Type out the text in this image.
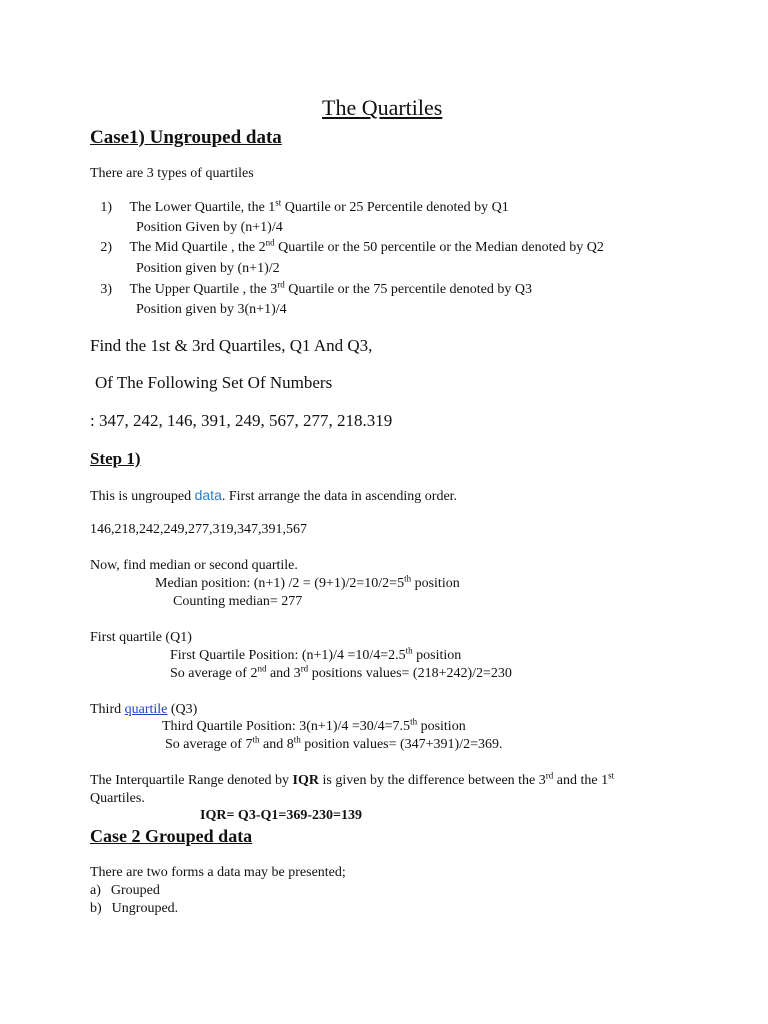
The Quartiles
Case1) Ungrouped data
There are 3 types of quartiles
1) The Lower Quartile, the 1st Quartile or 25 Percentile denoted by Q1
Position Given by (n+1)/4
2) The Mid Quartile , the 2nd Quartile or the 50 percentile or the Median denoted by Q2
Position given by (n+1)/2
3) The Upper Quartile , the 3rd Quartile or the 75 percentile denoted by Q3
Position given by 3(n+1)/4
Find the 1st & 3rd Quartiles, Q1 And Q3,
Of The Following Set Of Numbers
: 347, 242, 146, 391, 249, 567, 277, 218.319
Step 1)
This is ungrouped data. First arrange the data in ascending order.
146,218,242,249,277,319,347,391,567
Now, find median or second quartile.
Median position: (n+1) /2 = (9+1)/2=10/2=5th position
Counting median= 277
First quartile (Q1)
First Quartile Position: (n+1)/4 =10/4=2.5th position
So average of 2nd and 3rd positions values= (218+242)/2=230
Third quartile (Q3)
Third Quartile Position: 3(n+1)/4 =30/4=7.5th position
So average of 7th and 8th position values= (347+391)/2=369.
The Interquartile Range denoted by IQR is given by the difference between the 3rd and the 1st
Quartiles.
IQR= Q3-Q1=369-230=139
Case 2 Grouped data
There are two forms a data may be presented;
a) Grouped
b) Ungrouped.
